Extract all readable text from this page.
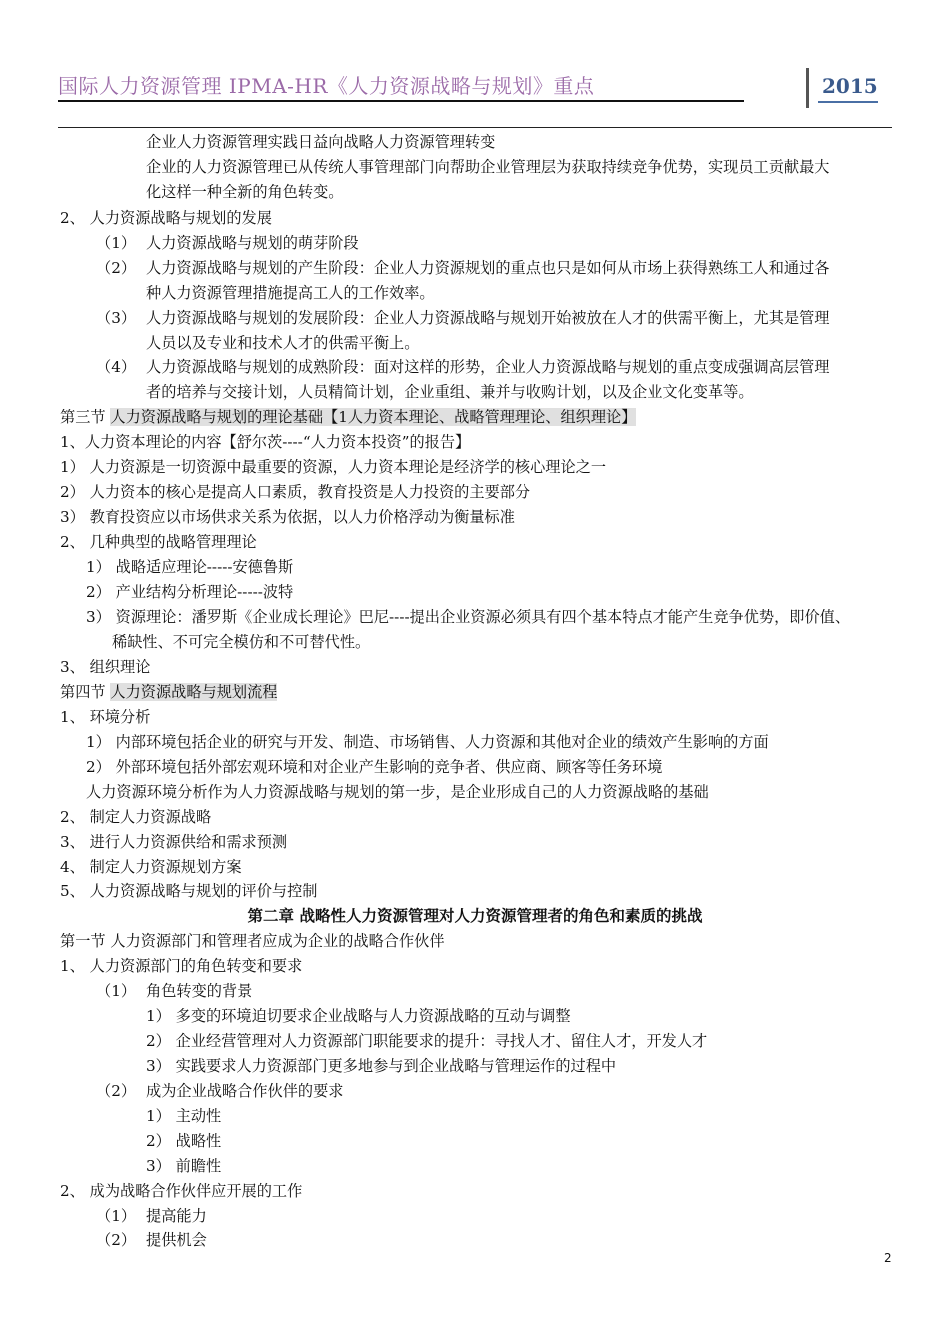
国际人力资源管理 IPMA-HR《人力资源战略与规划》重点	2015
企业人力资源管理实践日益向战略人力资源管理转变
企业的人力资源管理已从传统人事管理部门向帮助企业管理层为获取持续竞争优势，实现员工贡献最大
化这样一种全新的角色转变。
2、 人力资源战略与规划的发展
（1） 人力资源战略与规划的萌芽阶段
（2） 人力资源战略与规划的产生阶段：企业人力资源规划的重点也只是如何从市场上获得熟练工人和通过各
种人力资源管理措施提高工人的工作效率。
（3） 人力资源战略与规划的发展阶段：企业人力资源战略与规划开始被放在人才的供需平衡上，尤其是管理
人员以及专业和技术人才的供需平衡上。
（4） 人力资源战略与规划的成熟阶段：面对这样的形势，企业人力资源战略与规划的重点变成强调高层管理
者的培养与交接计划，人员精简计划，企业重组、兼并与收购计划，以及企业文化变革等。
第三节 人力资源战略与规划的理论基础【1人力资本理论、战略管理理论、组织理论】
1、人力资本理论的内容【舒尔茨----“人力资本投资”的报告】
1） 人力资源是一切资源中最重要的资源，人力资本理论是经济学的核心理论之一
2） 人力资本的核心是提高人口素质，教育投资是人力投资的主要部分
3） 教育投资应以市场供求关系为依据，以人力价格浮动为衡量标准
2、 几种典型的战略管理理论
1） 战略适应理论-----安德鲁斯
2） 产业结构分析理论-----波特
3） 资源理论：潘罗斯《企业成长理论》巴尼----提出企业资源必须具有四个基本特点才能产生竞争优势，即价值、
稀缺性、不可完全模仿和不可替代性。
3、 组织理论
第四节 人力资源战略与规划流程
1、 环境分析
1） 内部环境包括企业的研究与开发、制造、市场销售、人力资源和其他对企业的绩效产生影响的方面
2） 外部环境包括外部宏观环境和对企业产生影响的竞争者、供应商、顾客等任务环境
人力资源环境分析作为人力资源战略与规划的第一步，是企业形成自己的人力资源战略的基础
2、 制定人力资源战略
3、 进行人力资源供给和需求预测
4、 制定人力资源规划方案
5、 人力资源战略与规划的评价与控制
第二章 战略性人力资源管理对人力资源管理者的角色和素质的挑战
第一节 人力资源部门和管理者应成为企业的战略合作伙伴
1、 人力资源部门的角色转变和要求
（1） 角色转变的背景
1） 多变的环境迫切要求企业战略与人力资源战略的互动与调整
2） 企业经营管理对人力资源部门职能要求的提升：寻找人才、留住人才，开发人才
3） 实践要求人力资源部门更多地参与到企业战略与管理运作的过程中
（2） 成为企业战略合作伙伴的要求
1） 主动性
2） 战略性
3） 前瞻性
2、 成为战略合作伙伴应开展的工作
（1） 提高能力
（2） 提供机会
2
